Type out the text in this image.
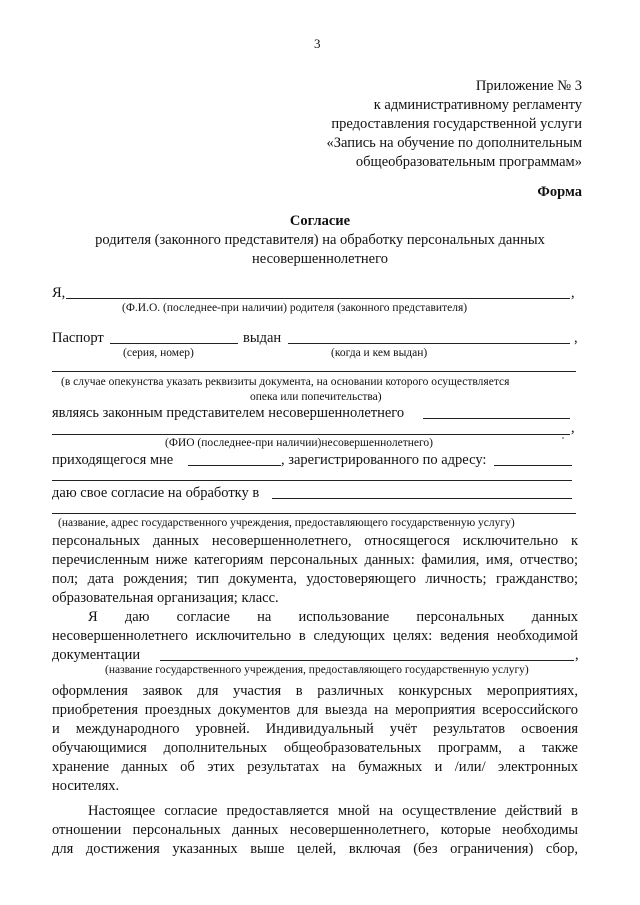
3
Приложение № 3
к административному регламенту
предоставления государственной услуги
«Запись на обучение по дополнительным
общеобразовательным программам»
Форма
Согласие
родителя (законного представителя) на обработку персональных данных
несовершеннолетнего
Я,	,
(Ф.И.О. (последнее-при наличии) родителя (законного представителя)
Паспорт	выдан	,
(серия, номер)	(когда и кем выдан)
(в случае опекунства указать реквизиты документа, на основании которого осуществляется
опека или попечительства)
являясь законным представителем несовершеннолетнего
,
(ФИО (последнее-при наличии)несовершеннолетнего)
приходящегося мне	, зарегистрированного по адресу:
даю свое согласие на обработку в
(название, адрес государственного учреждения, предоставляющего государственную услугу)
персональных данных несовершеннолетнего, относящегося исключительно к
перечисленным ниже категориям персональных данных: фамилия, имя, отчество;
пол; дата рождения; тип документа, удостоверяющего личность; гражданство;
образовательная организация; класс.
Я даю согласие на использование персональных данных
несовершеннолетнего исключительно в следующих целях: ведения необходимой
документации	,
(название государственного учреждения, предоставляющего государственную услугу)
оформления заявок для участия в различных конкурсных мероприятиях,
приобретения проездных документов для выезда на мероприятия всероссийского
и международного уровней. Индивидуальный учёт результатов освоения
обучающимися дополнительных общеобразовательных программ, а также
хранение данных об этих результатах на бумажных и /или/ электронных
носителях.
Настоящее согласие предоставляется мной на осуществление действий в
отношении персональных данных несовершеннолетнего, которые необходимы
для достижения указанных выше целей, включая (без ограничения) сбор,
